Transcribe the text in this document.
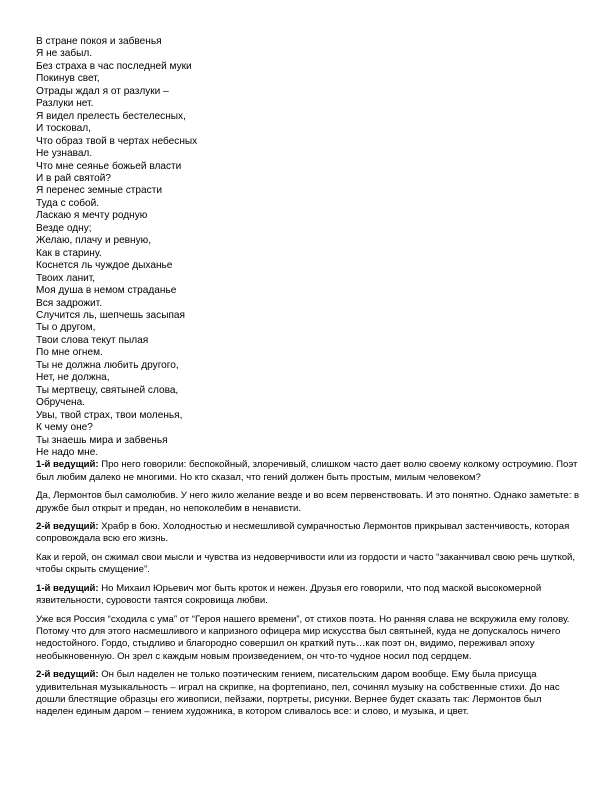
В стране покоя и забвенья
Я не забыл.
Без страха в час последней муки
Покинув свет,
Отрады ждал я от разлуки –
Разлуки нет.
Я видел прелесть бестелесных,
И тосковал,
Что образ твой в чертах небесных
Не узнавал.
Что мне сеянье божьей власти
И в рай святой?
Я перенес земные страсти
Туда с собой.
Ласкаю я мечту родную
Везде одну;
Желаю, плачу и ревную,
Как в старину.
Коснется ль чуждое дыханье
Твоих ланит,
Моя душа в немом страданье
Вся задрожит.
Случится ль, шепчешь засыпая
Ты о другом,
Твои слова текут пылая
По мне огнем.
Ты не должна любить другого,
Нет, не должна,
Ты мертвецу, святыней слова,
Обручена.
Увы, твой страх, твои моленья,
К чему оне?
Ты знаешь мира и забвенья
Не надо мне.

1-й ведущий: Про него говорили: беспокойный, злоречивый, слишком часто дает волю своему колкому остроумию. Поэт был любим далеко не многими. Но кто сказал, что гений должен быть простым, милым человеком?

Да, Лермонтов был самолюбив. У него жило желание везде и во всем первенствовать. И это понятно. Однако заметьте: в дружбе был открыт и предан, но непоколебим в ненависти.

2-й ведущий: Храбр в бою. Холодностью и несмешливой сумрачностью Лермонтов прикрывал застенчивость, которая сопровождала всю его жизнь.

Как и герой, он сжимал свои мысли и чувства из недоверчивости или из гордости и часто “заканчивал свою речь шуткой, чтобы скрыть смущение”.

1-й ведущий: Но Михаил Юрьевич мог быть кроток и нежен. Друзья его говорили, что под маской высокомерной язвительности, суровости таятся сокровища любви.

Уже вся Россия “сходила с ума” от “Героя нашего времени”, от стихов поэта. Но ранняя слава не вскружила ему голову. Потому что для этого насмешливого и капризного офицера мир искусства был святыней, куда не допускалось ничего недостойного. Гордо, стыдливо и благородно совершил он краткий путь…как поэт он, видимо, переживал эпоху необыкновенную. Он зрел с каждым новым произведением, он что-то чудное носил под сердцем.

2-й ведущий: Он был наделен не только поэтическим гением, писательским даром вообще. Ему была присуща удивительная музыкальность – играл на скрипке, на фортепиано, пел, сочинял музыку на собственные стихи. До нас дошли блестящие образцы его живописи, пейзажи, портреты, рисунки. Вернее будет сказать так: Лермонтов был наделен единым даром – гением художника, в котором сливалось все: и слово, и музыка, и цвет.
